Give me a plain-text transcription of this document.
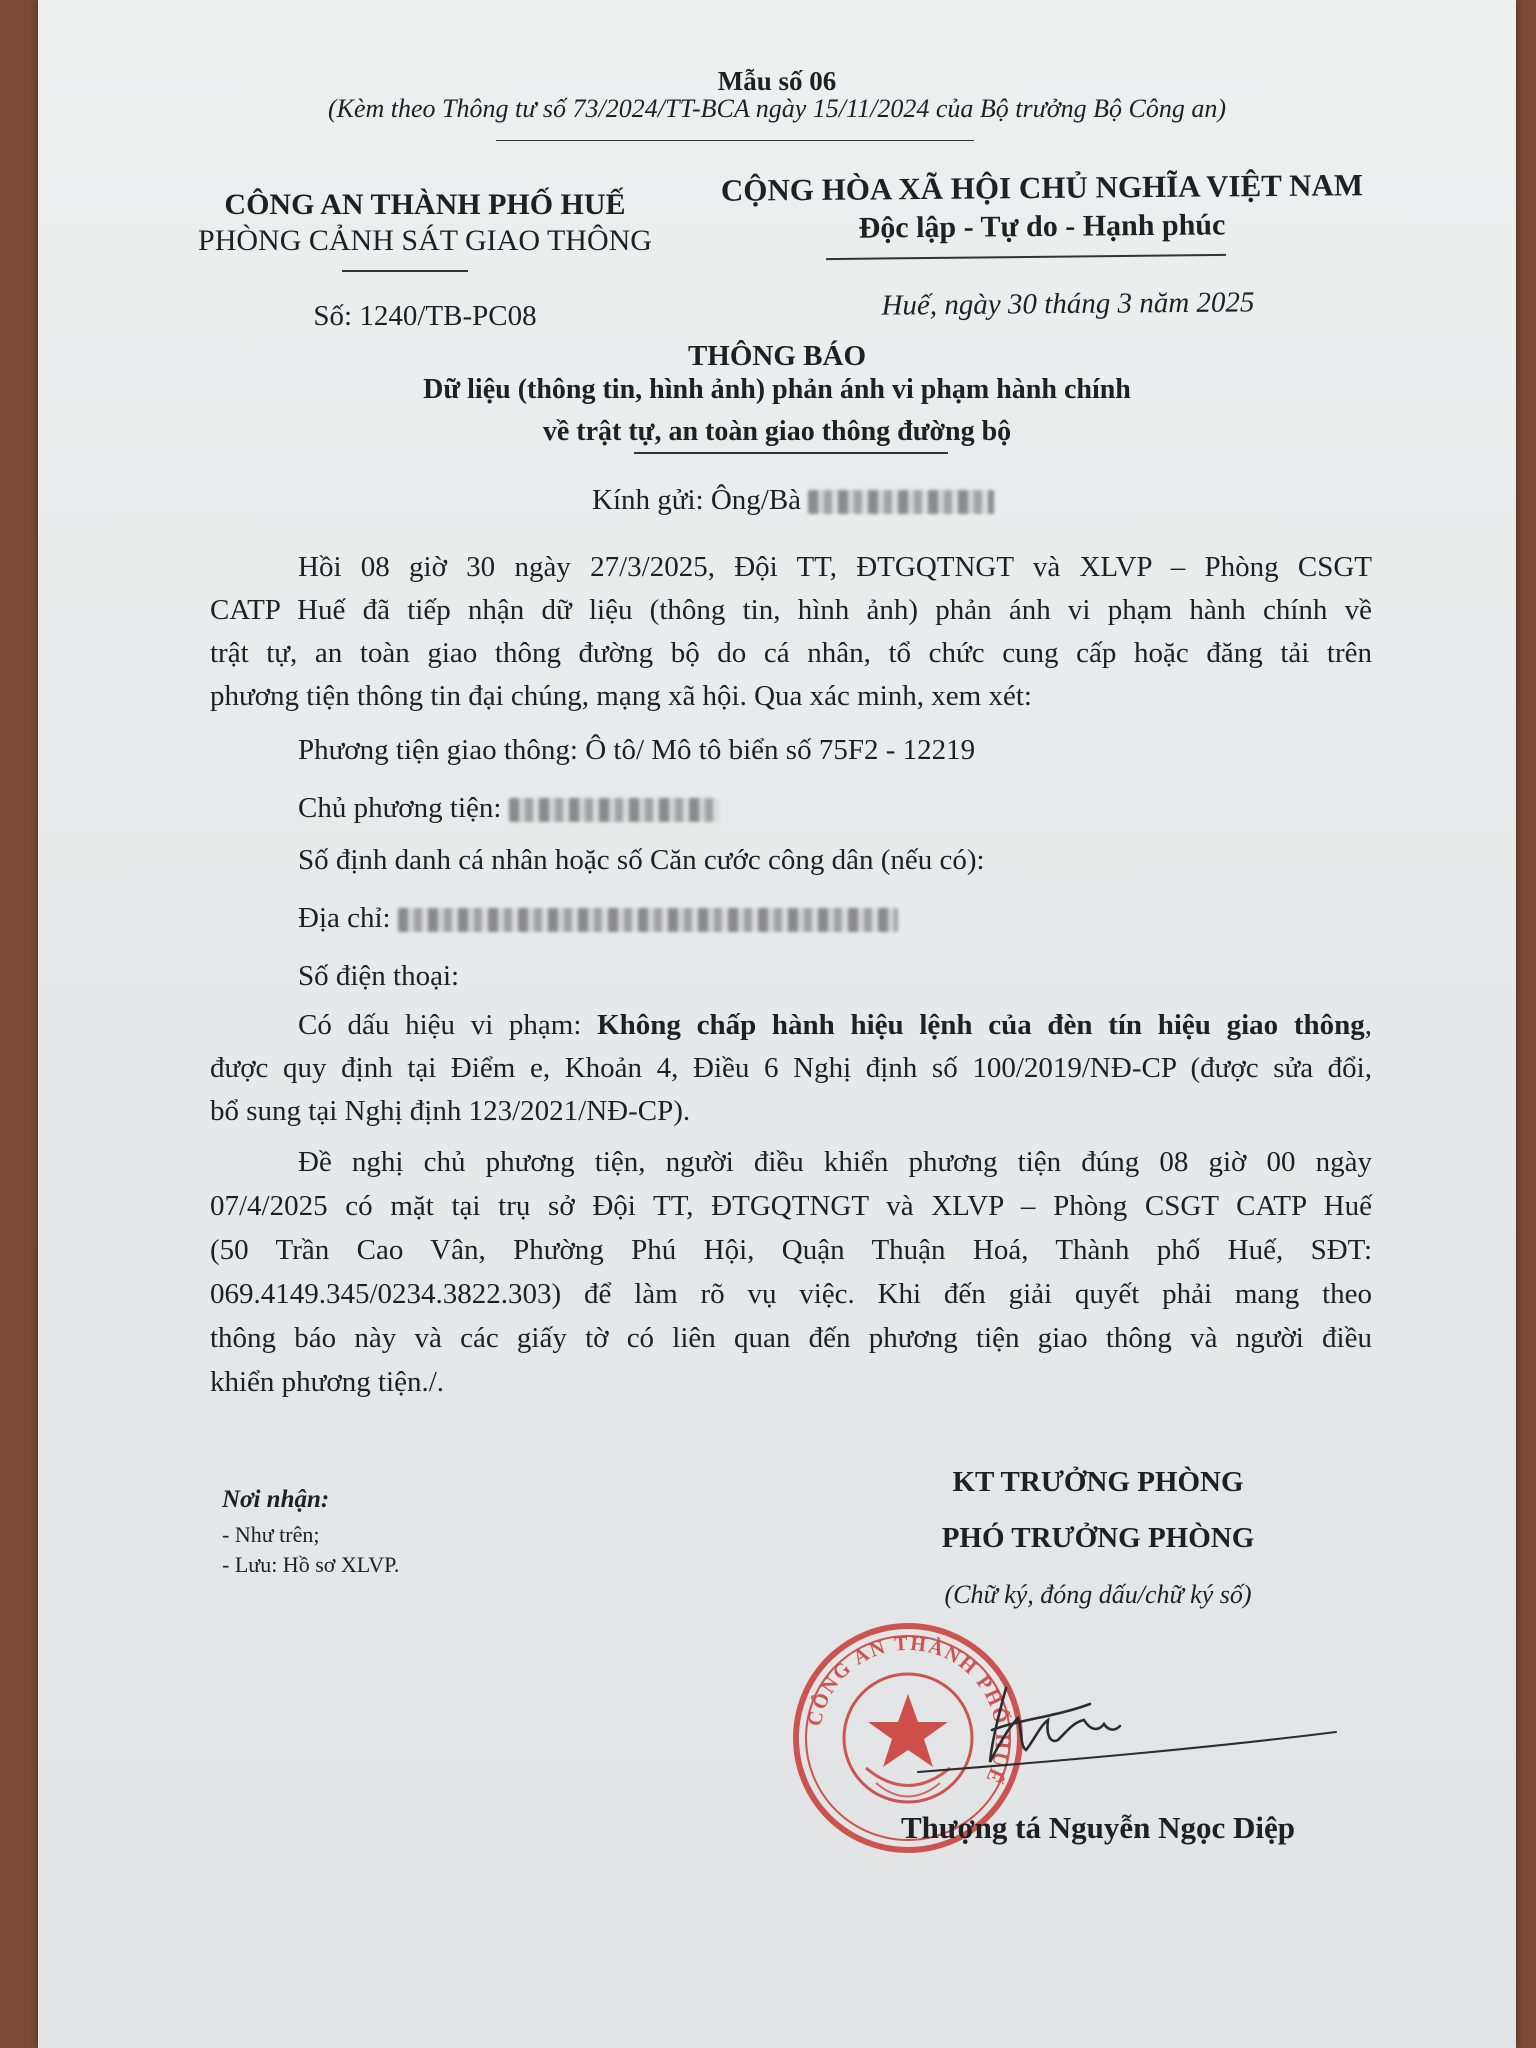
Mẫu số 06
(Kèm theo Thông tư số 73/2024/TT-BCA ngày 15/11/2024 của Bộ trưởng Bộ Công an)
CÔNG AN THÀNH PHỐ HUẾ
PHÒNG CẢNH SÁT GIAO THÔNG
Số: 1240/TB-PC08
CỘNG HÒA XÃ HỘI CHỦ NGHĨA VIỆT NAM
Độc lập - Tự do - Hạnh phúc
Huế, ngày 30 tháng 3 năm 2025
THÔNG BÁO
Dữ liệu (thông tin, hình ảnh) phản ánh vi phạm hành chính
về trật tự, an toàn giao thông đường bộ
Kính gửi: Ông/Bà
Hồi 08 giờ 30 ngày 27/3/2025, Đội TT, ĐTGQTNGT và XLVP – Phòng CSGT
CATP Huế đã tiếp nhận dữ liệu (thông tin, hình ảnh) phản ánh vi phạm hành chính về
trật tự, an toàn giao thông đường bộ do cá nhân, tổ chức cung cấp hoặc đăng tải trên
phương tiện thông tin đại chúng, mạng xã hội. Qua xác minh, xem xét:
Phương tiện giao thông: Ô tô/ Mô tô biển số 75F2 - 12219
Chủ phương tiện:
Số định danh cá nhân hoặc số Căn cước công dân (nếu có):
Địa chỉ:
Số điện thoại:
Có dấu hiệu vi phạm: Không chấp hành hiệu lệnh của đèn tín hiệu giao thông,
được quy định tại Điểm e, Khoản 4, Điều 6 Nghị định số 100/2019/NĐ-CP (được sửa đổi,
bổ sung tại Nghị định 123/2021/NĐ-CP).
Đề nghị chủ phương tiện, người điều khiển phương tiện đúng 08 giờ 00 ngày
07/4/2025 có mặt tại trụ sở Đội TT, ĐTGQTNGT và XLVP – Phòng CSGT CATP Huế
(50 Trần Cao Vân, Phường Phú Hội, Quận Thuận Hoá, Thành phố Huế, SĐT:
069.4149.345/0234.3822.303) để làm rõ vụ việc. Khi đến giải quyết phải mang theo
thông báo này và các giấy tờ có liên quan đến phương tiện giao thông và người điều
khiển phương tiện./.
Nơi nhận:
- Như trên;
- Lưu: Hồ sơ XLVP.
KT TRƯỞNG PHÒNG
PHÓ TRƯỞNG PHÒNG
(Chữ ký, đóng dấu/chữ ký số)
CÔNG AN THÀNH PHỐ HUẾ
Thượng tá Nguyễn Ngọc Diệp
